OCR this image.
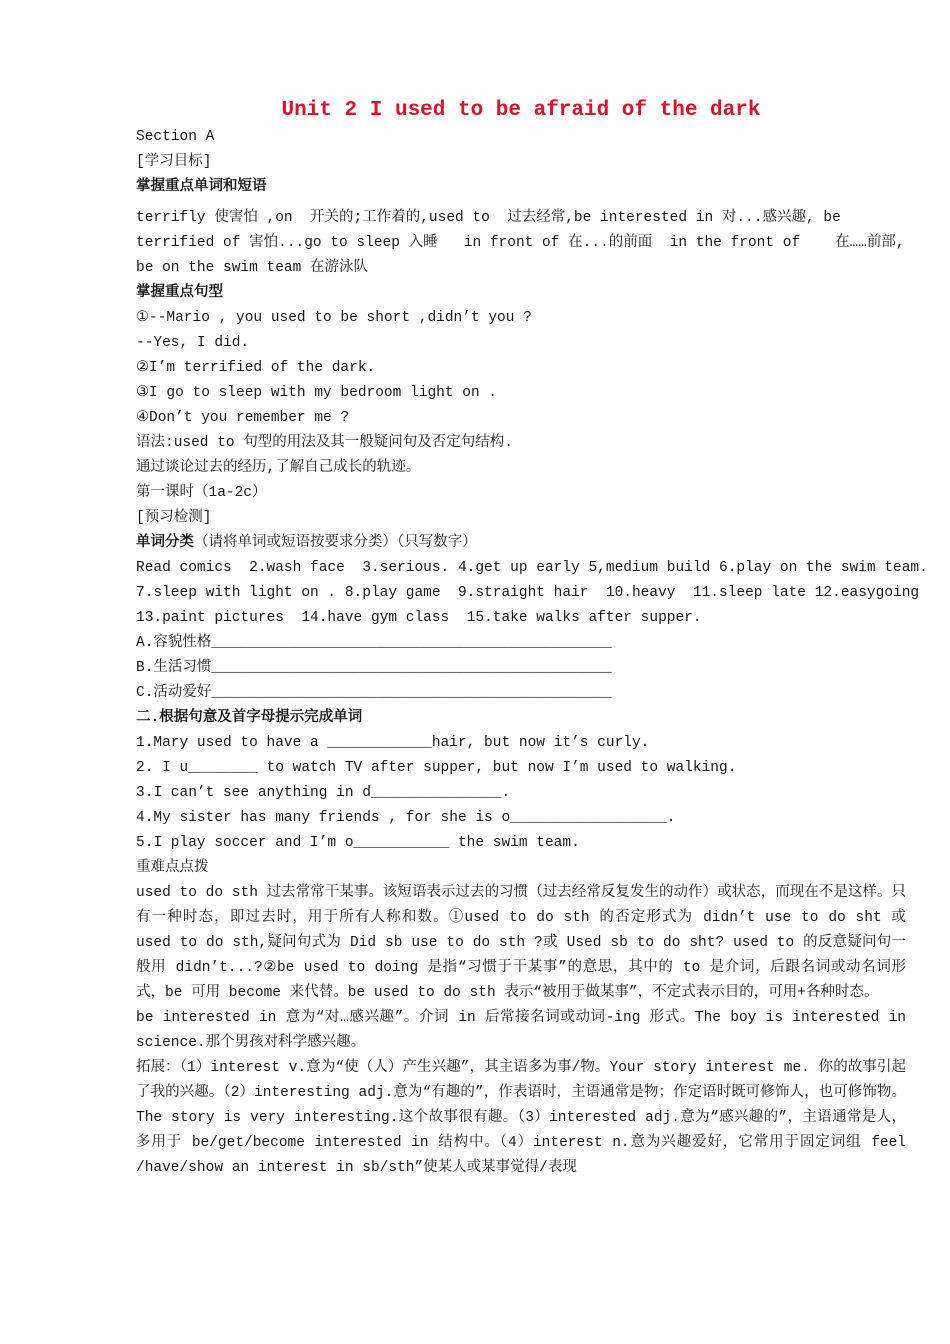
Unit 2 I used to be afraid of the dark
Section A
[学习目标]
掌握重点单词和短语
terrifly 使害怕 ,on  开关的;工作着的,used to  过去经常,be interested in 对...感兴趣, be
terrified of 害怕...go to sleep 入睡   in front of 在...的前面  in the front of    在……前部,
be on the swim team 在游泳队
掌握重点句型
①--Mario , you used to be short ,didn’t you ?
--Yes, I did.
②I’m terrified of the dark.
③I go to sleep with my bedroom light on .
④Don’t you remember me ?
语法:used to 句型的用法及其一般疑问句及否定句结构.
通过谈论过去的经历,了解自己成长的轨迹。
第一课时（1a-2c）
[预习检测]
单词分类（请将单词或短语按要求分类）（只写数字）
Read comics  2.wash face  3.serious. 4.get up early 5,medium build 6.play on the swim team.
7.sleep with light on . 8.play game  9.straight hair  10.heavy  11.sleep late 12.easygoing
13.paint pictures  14.have gym class  15.take walks after supper.
A.容貌性格______________________________________________
B.生活习惯______________________________________________
C.活动爱好______________________________________________
二.根据句意及首字母提示完成单词
1.Mary used to have a ____________hair, but now it’s curly.
2. I u________ to watch TV after supper, but now I’m used to walking.
3.I can’t see anything in d_______________.
4.My sister has many friends , for she is o__________________.
5.I play soccer and I’m o___________ the swim team.
重难点点拨

used to do sth 过去常常干某事。该短语表示过去的习惯（过去经常反复发生的动作）或状态，而现在不是这样。只有一种时态，即过去时，用于所有人称和数。①used to do sth 的否定形式为 didn’t use to do sht 或 used to do sth,疑问句式为 Did sb use to do sth ?或 Used sb to do sht? used to 的反意疑问句一般用 didn’t...?②be used to doing 是指“习惯于干某事”的意思，其中的 to 是介词，后跟名词或动名词形式，be 可用 become 来代替。be used to do sth 表示“被用于做某事”，不定式表示目的，可用+各种时态。

be interested in 意为“对…感兴趣”。介词 in 后常接名词或动词-ing 形式。The boy is interested in science.那个男孩对科学感兴趣。

拓展：（1）interest v.意为“使（人）产生兴趣”，其主语多为事/物。Your story interest me. 你的故事引起了我的兴趣。（2）interesting adj.意为“有趣的”，作表语时，主语通常是物；作定语时既可修饰人，也可修饰物。The story is very interesting.这个故事很有趣。（3）interested adj.意为“感兴趣的”，主语通常是人，多用于 be/get/become interested in 结构中。（4）interest n.意为兴趣爱好，它常用于固定词组 feel /have/show an interest in sb/sth”使某人或某事觉得/表现
